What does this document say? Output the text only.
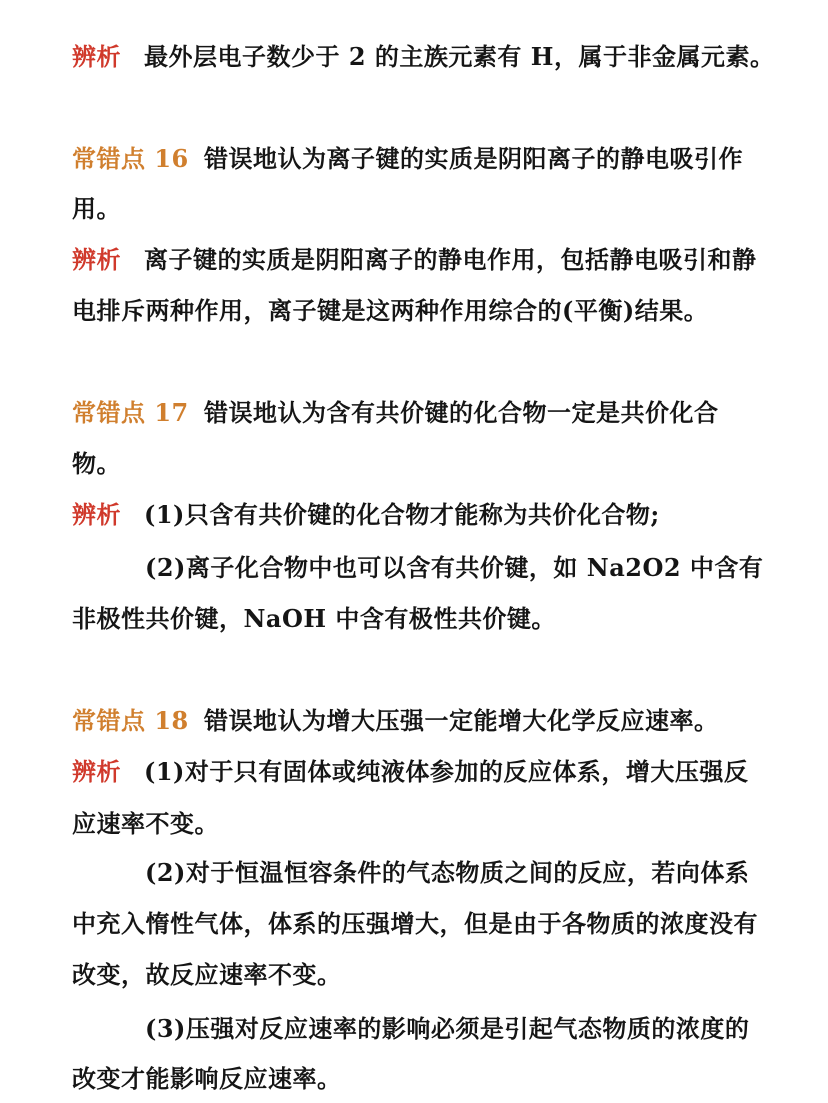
辨析 最外层电子数少于 2 的主族元素有 H，属于非金属元素。
常错点 16 错误地认为离子键的实质是阴阳离子的静电吸引作
用。
辨析 离子键的实质是阴阳离子的静电作用，包括静电吸引和静
电排斥两种作用，离子键是这两种作用综合的(平衡)结果。
常错点 17 错误地认为含有共价键的化合物一定是共价化合
物。
辨析 (1)只含有共价键的化合物才能称为共价化合物;
(2)离子化合物中也可以含有共价键，如 Na2O2 中含有
非极性共价键，NaOH 中含有极性共价键。
常错点 18 错误地认为增大压强一定能增大化学反应速率。
辨析 (1)对于只有固体或纯液体参加的反应体系，增大压强反
应速率不变。
(2)对于恒温恒容条件的气态物质之间的反应，若向体系
中充入惰性气体，体系的压强增大，但是由于各物质的浓度没有
改变，故反应速率不变。
(3)压强对反应速率的影响必须是引起气态物质的浓度的
改变才能影响反应速率。
